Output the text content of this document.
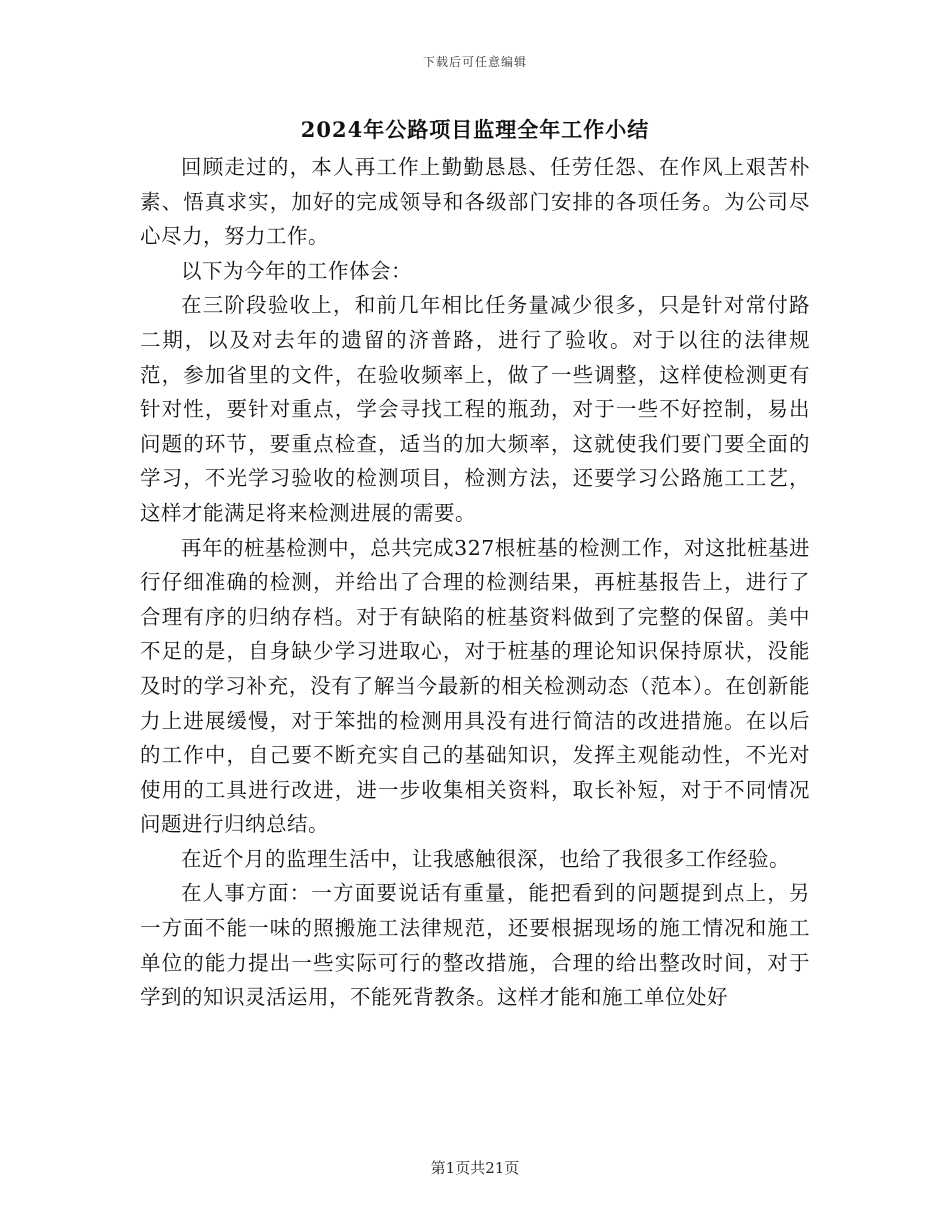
下载后可任意编辑
2024年公路项目监理全年工作小结

回顾走过的，本人再工作上勤勤恳恳、任劳任怨、在作风上艰苦朴素、悟真求实，加好的完成领导和各级部门安排的各项任务。为公司尽心尽力，努力工作。

以下为今年的工作体会：

在三阶段验收上，和前几年相比任务量减少很多，只是针对常付路二期，以及对去年的遗留的济普路，进行了验收。对于以往的法律规范，参加省里的文件，在验收频率上，做了一些调整，这样使检测更有针对性，要针对重点，学会寻找工程的瓶劲，对于一些不好控制，易出问题的环节，要重点检查，适当的加大频率，这就使我们要门要全面的学习，不光学习验收的检测项目，检测方法，还要学习公路施工工艺，这样才能满足将来检测进展的需要。

再年的桩基检测中，总共完成327根桩基的检测工作，对这批桩基进行仔细准确的检测，并给出了合理的检测结果，再桩基报告上，进行了合理有序的归纳存档。对于有缺陷的桩基资料做到了完整的保留。美中不足的是，自身缺少学习进取心，对于桩基的理论知识保持原状，没能及时的学习补充，没有了解当今最新的相关检测动态（范本）。在创新能力上进展缓慢，对于笨拙的检测用具没有进行简洁的改进措施。在以后的工作中，自己要不断充实自己的基础知识，发挥主观能动性，不光对使用的工具进行改进，进一步收集相关资料，取长补短，对于不同情况问题进行归纳总结。

在近个月的监理生活中，让我感触很深，也给了我很多工作经验。

在人事方面：一方面要说话有重量，能把看到的问题提到点上，另一方面不能一味的照搬施工法律规范，还要根据现场的施工情况和施工单位的能力提出一些实际可行的整改措施，合理的给出整改时间，对于学到的知识灵活运用，不能死背教条。这样才能和施工单位处好

第1页共21页
